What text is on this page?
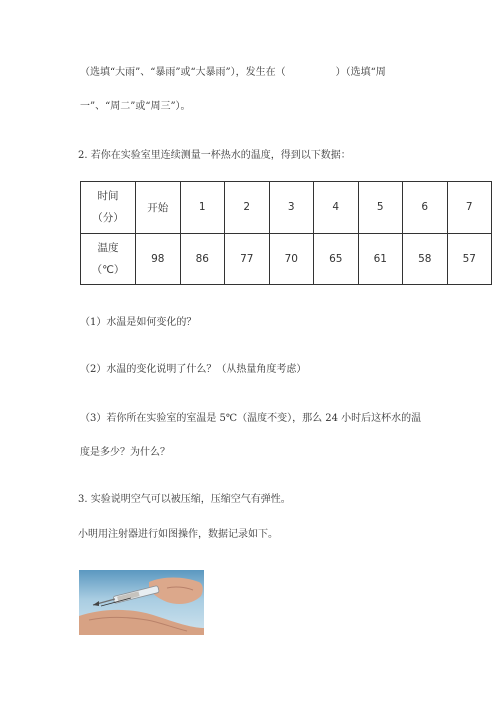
（选填“大雨”、“暴雨”或“大暴雨”），发生在（　　　　　）（选填“周
一”、“周二”或“周三”）。
2. 若你在实验室里连续测量一杯热水的温度，得到以下数据：
时间
（分）	开始	1	2	3	4	5	6	7

温度
（℃）	98	86	77	70	65	61	58	57
（1）水温是如何变化的？
（2）水温的变化说明了什么？（从热量角度考虑）
（3）若你所在实验室的室温是 5℃（温度不变），那么 24 小时后这杯水的温
度是多少？为什么？
3. 实验说明空气可以被压缩，压缩空气有弹性。
小明用注射器进行如图操作，数据记录如下。
